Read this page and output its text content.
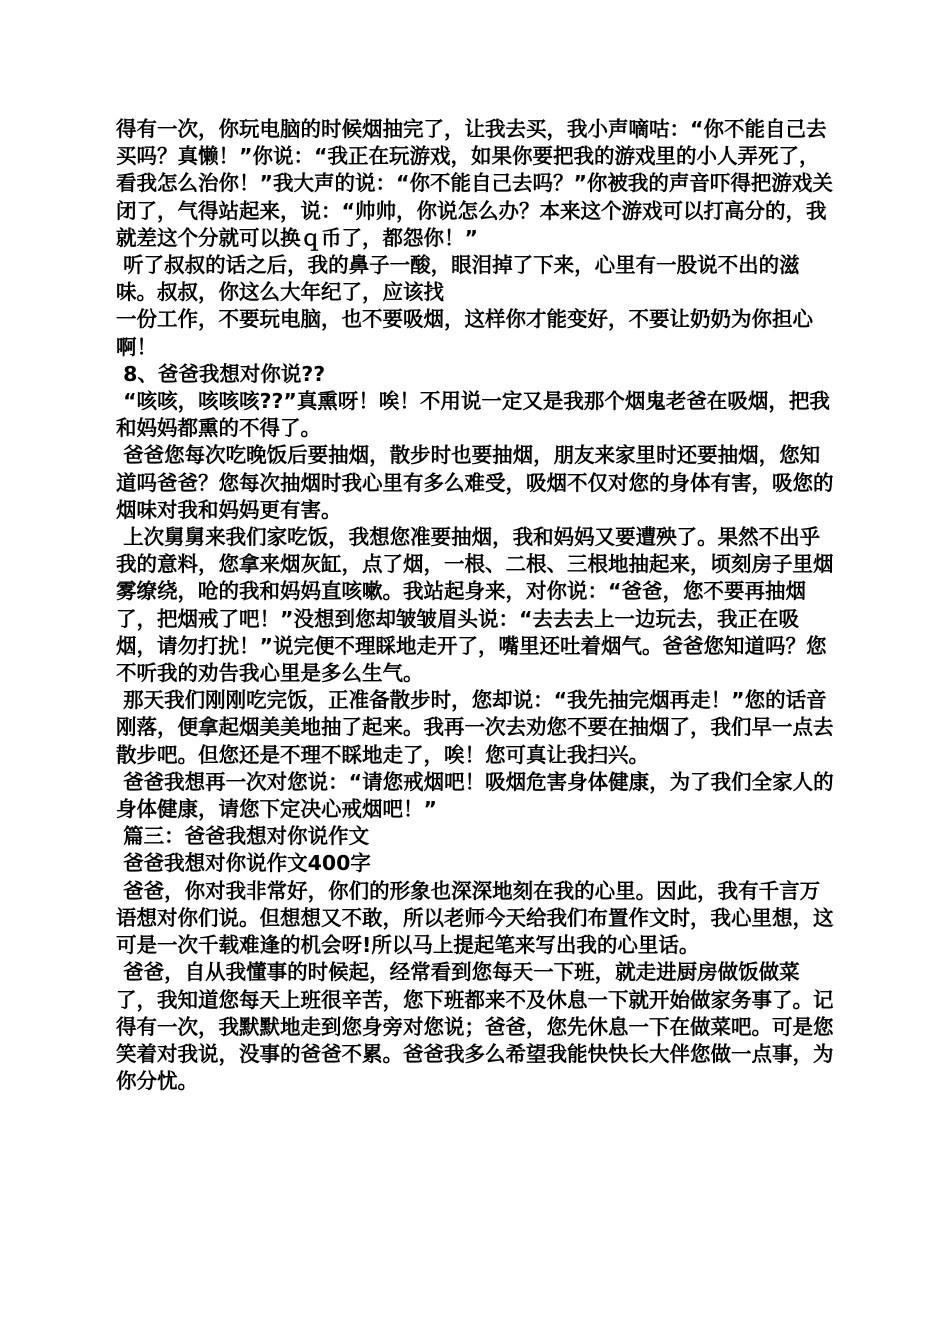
得有一次，你玩电脑的时候烟抽完了，让我去买，我小声嘀咕：“你不能自己去买吗？真懒！”你说：“我正在玩游戏，如果你要把我的游戏里的小人弄死了，看我怎么治你！”我大声的说：“你不能自己去吗？”你被我的声音吓得把游戏关闭了，气得站起来，说：“帅帅，你说怎么办？本来这个游戏可以打高分的，我就差这个分就可以换ｑ币了，都怨你！”

听了叔叔的话之后，我的鼻子一酸，眼泪掉了下来，心里有一股说不出的滋味。叔叔，你这么大年纪了，应该找

一份工作，不要玩电脑，也不要吸烟，这样你才能变好，不要让奶奶为你担心啊！

8、爸爸我想对你说??

“咳咳，咳咳咳??”真熏呀！唉！不用说一定又是我那个烟鬼老爸在吸烟，把我和妈妈都熏的不得了。

爸爸您每次吃晚饭后要抽烟，散步时也要抽烟，朋友来家里时还要抽烟，您知道吗爸爸？您每次抽烟时我心里有多么难受，吸烟不仅对您的身体有害，吸您的烟味对我和妈妈更有害。

上次舅舅来我们家吃饭，我想您准要抽烟，我和妈妈又要遭殃了。果然不出乎我的意料，您拿来烟灰缸，点了烟，一根、二根、三根地抽起来，顷刻房子里烟雾缭绕，呛的我和妈妈直咳嗽。我站起身来，对你说：“爸爸，您不要再抽烟了，把烟戒了吧！”没想到您却皱皱眉头说：“去去去上一边玩去，我正在吸烟，请勿打扰！”说完便不理睬地走开了，嘴里还吐着烟气。爸爸您知道吗？您不听我的劝告我心里是多么生气。

那天我们刚刚吃完饭，正准备散步时，您却说：“我先抽完烟再走！”您的话音刚落，便拿起烟美美地抽了起来。我再一次去劝您不要在抽烟了，我们早一点去散步吧。但您还是不理不睬地走了，唉！您可真让我扫兴。

爸爸我想再一次对您说：“请您戒烟吧！吸烟危害身体健康，为了我们全家人的身体健康，请您下定决心戒烟吧！”

篇三：爸爸我想对你说作文

爸爸我想对你说作文400字

爸爸，你对我非常好，你们的形象也深深地刻在我的心里。因此，我有千言万语想对你们说。但想想又不敢，所以老师今天给我们布置作文时，我心里想，这可是一次千载难逢的机会呀!所以马上提起笔来写出我的心里话。

爸爸，自从我懂事的时候起，经常看到您每天一下班，就走进厨房做饭做菜了，我知道您每天上班很辛苦，您下班都来不及休息一下就开始做家务事了。记得有一次，我默默地走到您身旁对您说；爸爸，您先休息一下在做菜吧。可是您笑着对我说，没事的爸爸不累。爸爸我多么希望我能快快长大伴您做一点事，为你分忧。
